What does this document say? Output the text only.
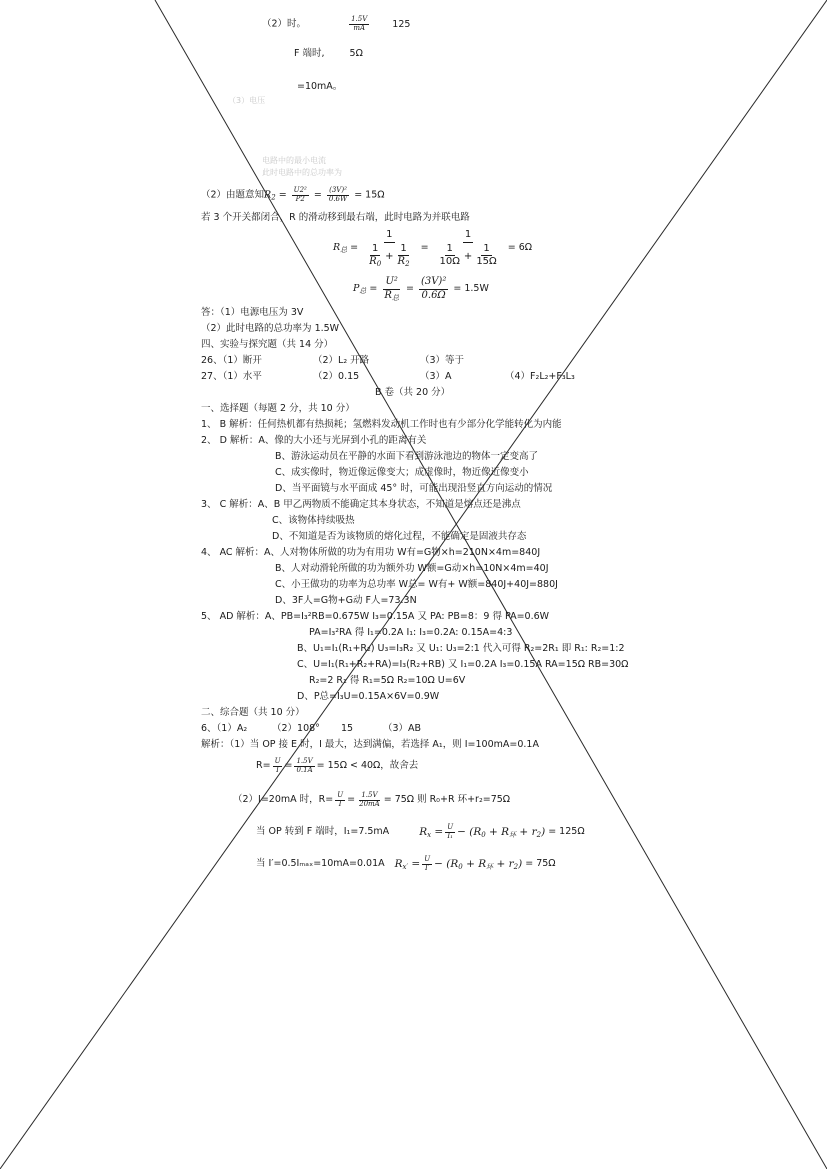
（2）时。	$\frac{1.5V}{mA} 125$
F 端时,	5Ω
=10mA。
（3）电压
电路中的最小电流
此时电路中的总功率为
（2）由题意知$R_2 = \frac{\text{U2²}}{P2} = \frac{\text{(3V)²}}{0.6W} = 15\Omega$
若 3 个开关都闭合，R 的滑动移到最右端，此时电路为并联电路
$R_总 = \frac{1}{\frac{1}{R_0} + \frac{1}{R_2}} = \frac{1}{\frac{1}{10\Omega} + \frac{1}{15\Omega}}$
= 6Ω
$P_总 = \frac{\text{U²}}{R_总} = \frac{\text{(3V)²}}{0.6\Omega}$
= 1.5W
答：（1）电源电压为 3V
（2）此时电路的总功率为 1.5W
四、实验与探究题（共 14 分）
26、（1）断开	（2）L₂ 开路	（3）等于
27、（1）水平	（2）0.15	（3）A	（4）F₂L₂+F₃L₃
B 卷（共 20 分）
一、选择题（每题 2 分，共 10 分）
1、 B 解析：任何热机都有热损耗；氢燃料发动机工作时也有少部分化学能转化为内能
2、 D 解析：A、像的大小还与光屏到小孔的距离有关
B、游泳运动员在平静的水面下看到游泳池边的物体一定变高了
C、成实像时，物近像远像变大；成虚像时，物近像近像变小
D、当平面镜与水平面成 45° 时，可能出现沿竖直方向运动的情况
3、 C 解析：A、B 甲乙两物质不能确定其本身状态，不知道是熔点还是沸点
C、该物体持续吸热
D、不知道是否为该物质的熔化过程，不能确定是固液共存态
4、 AC 解析：A、人对物体所做的功为有用功 W有=G物×h=210N×4m=840J
B、人对动滑轮所做的功为额外功 W额=G动×h=10N×4m=40J
C、小王做功的功率为总功率 W总= W有+ W额=840J+40J=880J
D、3F人=G物+G动 F人=73.3N
5、 AD 解析：A、PB=I₃²RB=0.675W I₃=0.15A 又 PA: PB=8：9 得 PA=0.6W
PA=I₃²RA 得 I₁=0.2A I₁: I₃=0.2A: 0.15A=4:3
B、U₁=I₁(R₁+R₂) U₃=I₃R₂ 又 U₁: U₃=2:1 代入可得 R₂=2R₁ 即 R₁: R₂=1:2
C、U=I₁(R₁+R₂+RA)=I₃(R₂+RB) 又 I₁=0.2A I₃=0.15A RA=15Ω RB=30Ω
R₂=2 R₁ 得 R₁=5Ω R₂=10Ω U=6V
D、P总=I₃U=0.15A×6V=0.9W
二、综合题（共 10 分）
6、（1）A₂	（2）108° 15	（3）AB
解析：（1）当 OP 接 E 时，I 最大，达到满偏，若选择 A₁，则 I=100mA=0.1A
$R= \frac{U}{I} = \frac{1.5V}{0.1A} = 15\Omega < 40\Omega$，故舍去
（2）I=20mA 时，$R= \frac{U}{I} = \frac{1.5V}{20mA} = 75\Omega$ 则 R₀+R 环+r₂=75Ω
当 OP 转到 F 端时，I₁=7.5mA	$R_x = \frac{U}{\text{I₁}} - (R_0 + R_环 + r_2)$
= 125Ω
当 I′=0.5Iₘₐₓ=10mA=0.01A $R_{x'} = \frac{U}{I'} - (R_0 + R_环 + r_2)$
= 75Ω
